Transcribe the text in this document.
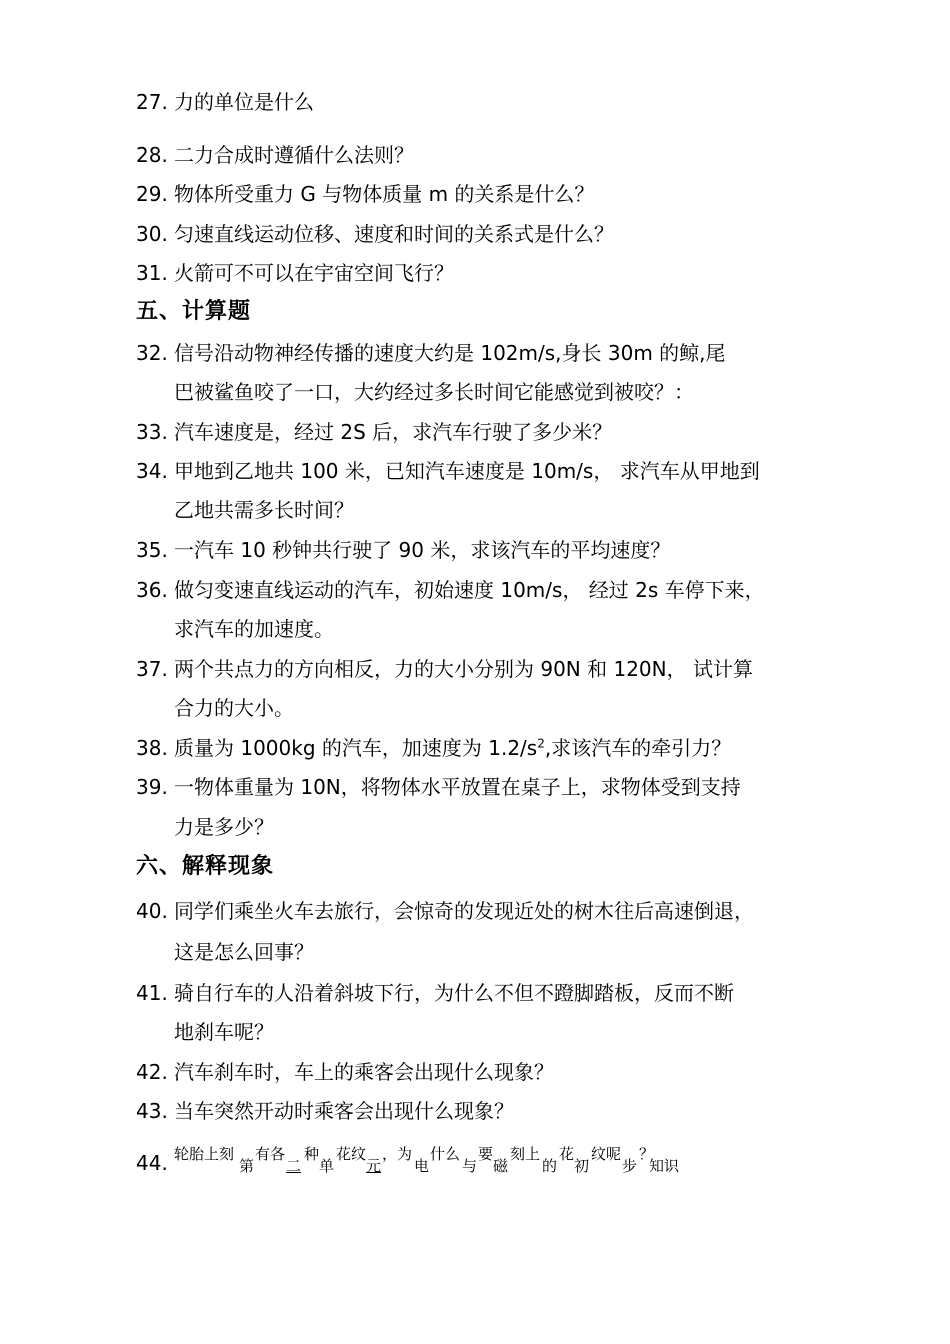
27. 力的单位是什么
28. 二力合成时遵循什么法则？
29. 物体所受重力 G 与物体质量 m 的关系是什么？
30. 匀速直线运动位移、速度和时间的关系式是什么？
31. 火箭可不可以在宇宙空间飞行？
五、计算题
32. 信号沿动物神经传播的速度大约是 102m/s,身长 30m 的鲸,尾
巴被鲨鱼咬了一口，大约经过多长时间它能感觉到被咬？：
33. 汽车速度是，经过 2S 后，求汽车行驶了多少米？
34. 甲地到乙地共 100 米，已知汽车速度是 10m/s， 求汽车从甲地到
乙地共需多长时间？
35. 一汽车 10 秒钟共行驶了 90 米，求该汽车的平均速度？
36. 做匀变速直线运动的汽车，初始速度 10m/s， 经过 2s 车停下来，
求汽车的加速度。
37. 两个共点力的方向相反，力的大小分别为 90N 和 120N， 试计算
合力的大小。
38. 质量为 1000kg 的汽车，加速度为 $1.2/s^2$,求该汽车的牵引力？
39. 一物体重量为 10N，将物体水平放置在桌子上，求物体受到支持
力是多少？
六、解释现象
40. 同学们乘坐火车去旅行，会惊奇的发现近处的树木往后高速倒退，
这是怎么回事？
41. 骑自行车的人沿着斜坡下行，为什么不但不蹬脚踏板，反而不断
地刹车呢？
42. 汽车刹车时，车上的乘客会出现什么现象？
43. 当车突然开动时乘客会出现什么现象？
44. 轮胎上刻
第
有各
二
种
单
花纹
元
，为
电
什么
与
要
磁
刻上
的
花
初
纹呢
步
？
知识
